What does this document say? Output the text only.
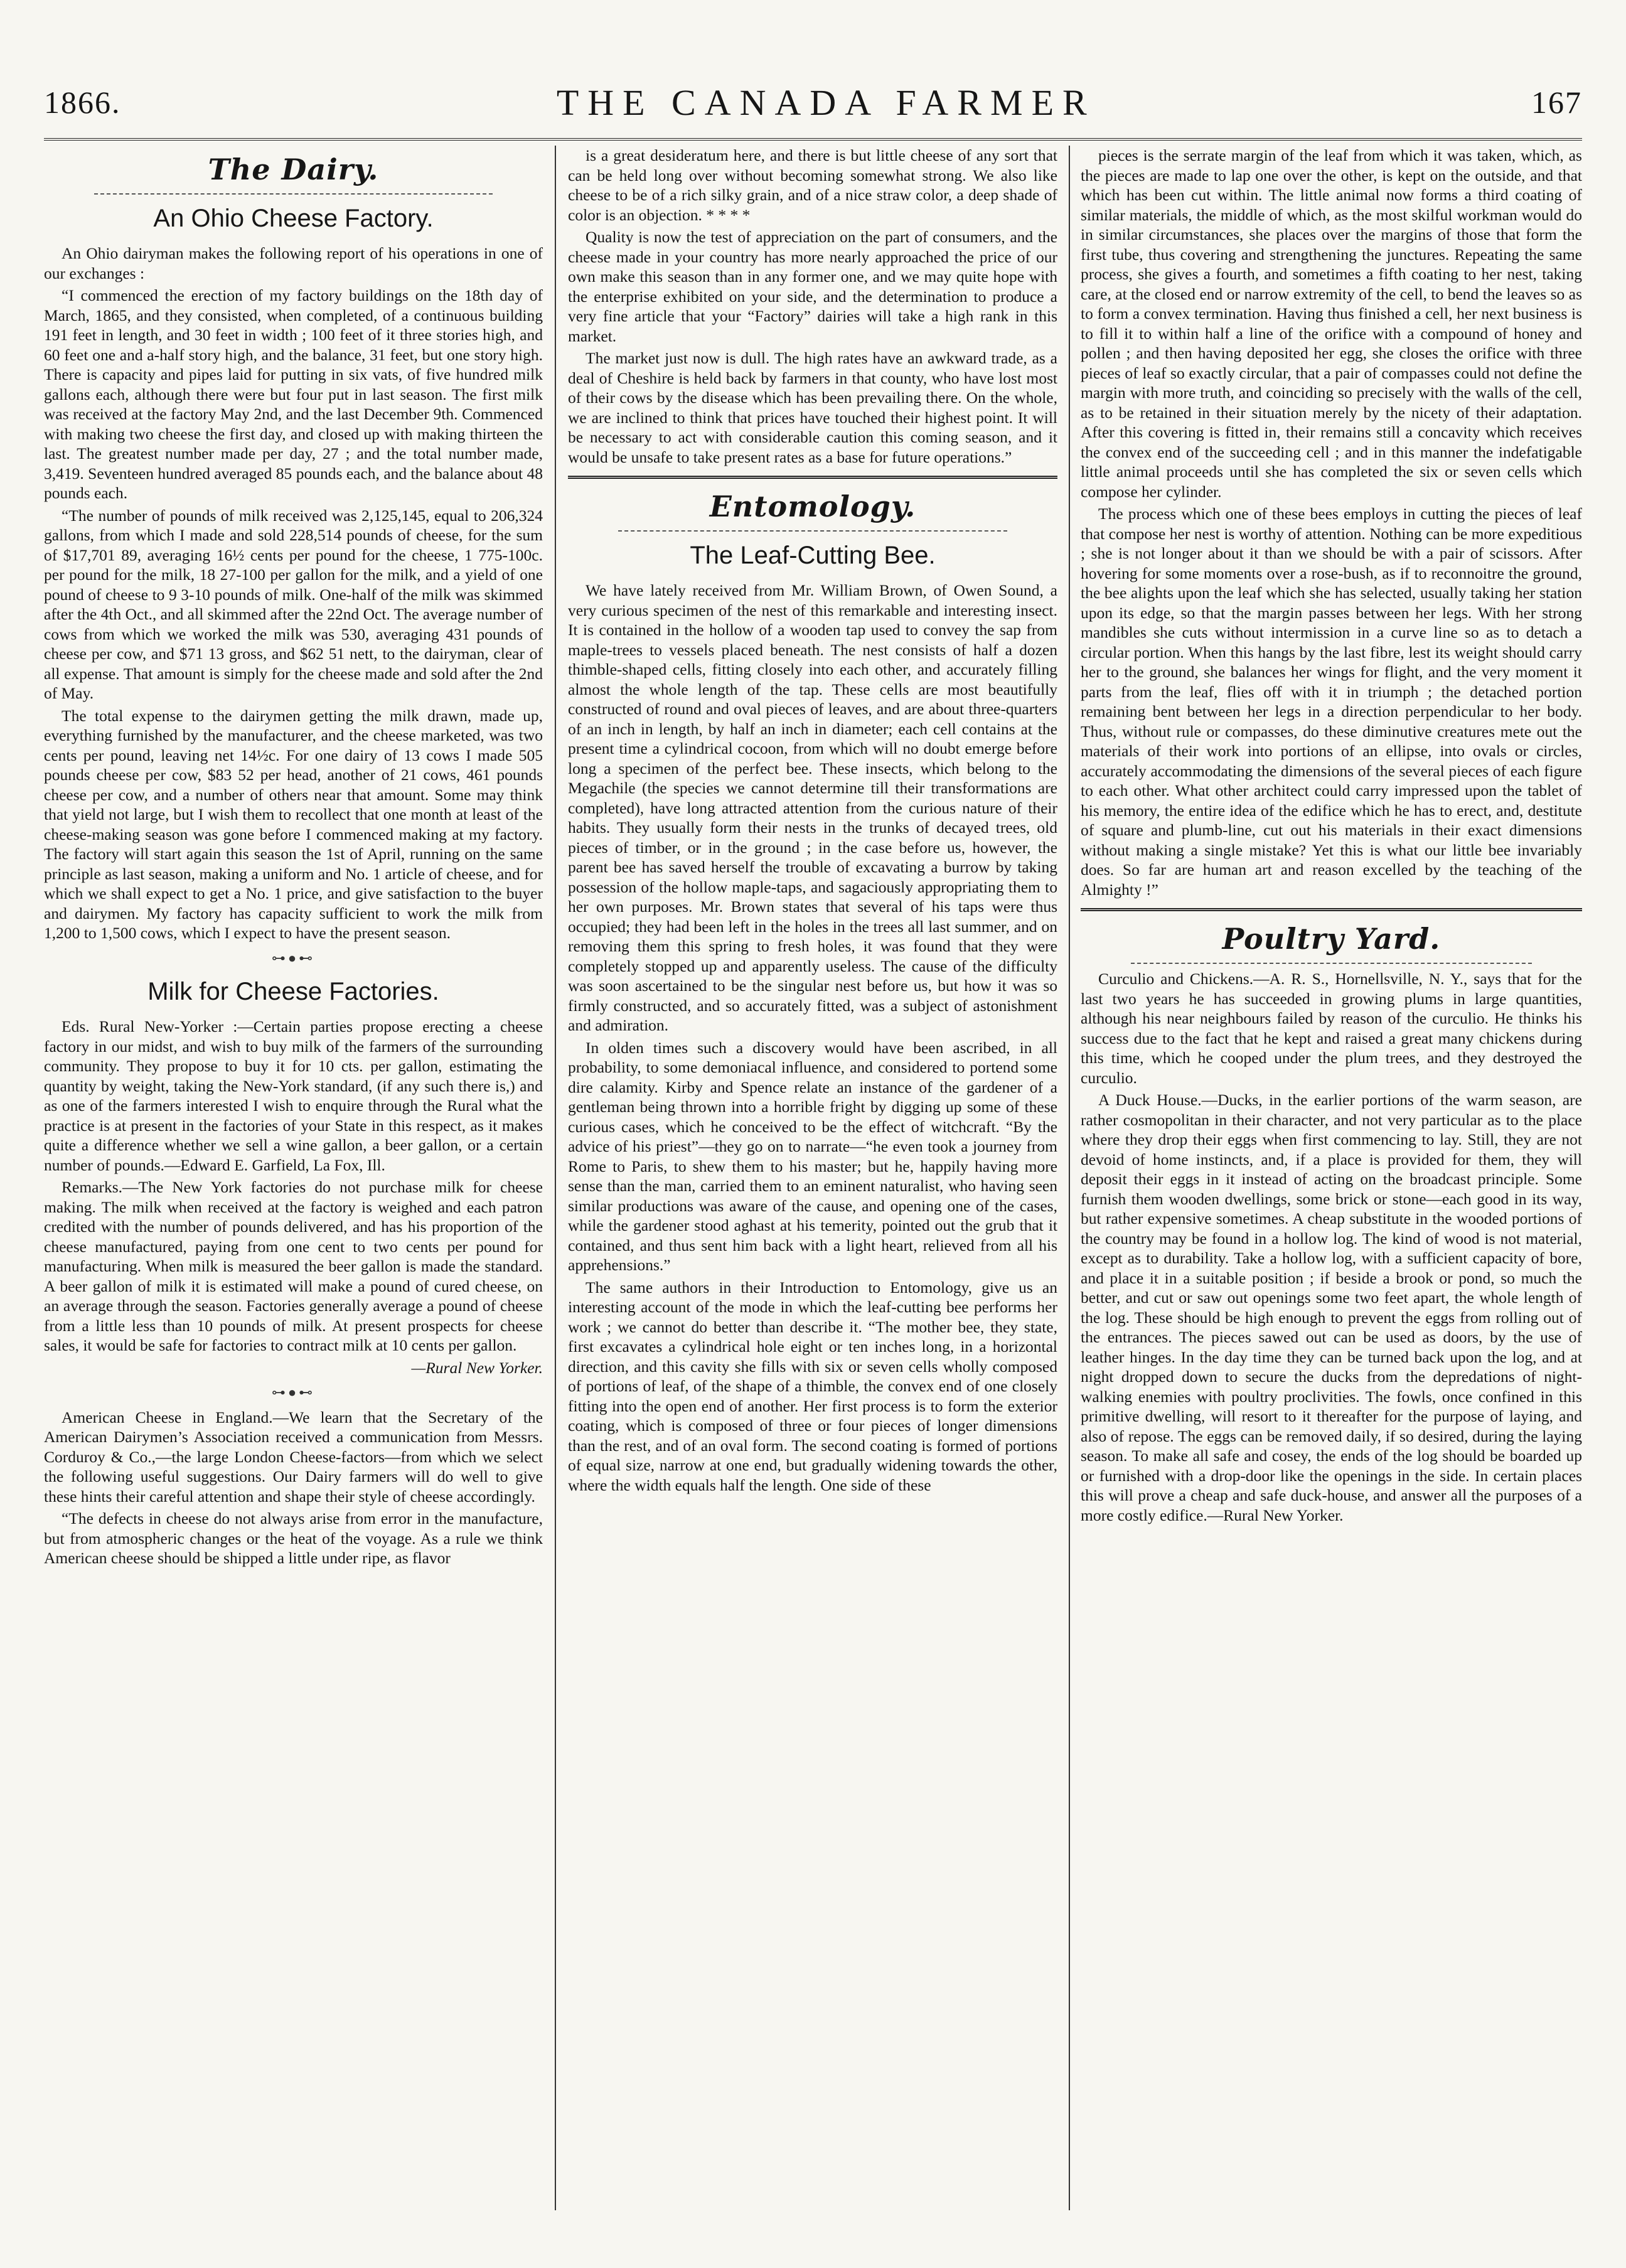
1866.	THE CANADA FARMER	167
The Dairy.
An Ohio Cheese Factory.

An Ohio dairyman makes the following report of his operations in one of our exchanges :

“I commenced the erection of my factory buildings on the 18th day of March, 1865, and they consisted, when completed, of a continuous building 191 feet in length, and 30 feet in width ; 100 feet of it three stories high, and 60 feet one and a-half story high, and the balance, 31 feet, but one story high. There is capacity and pipes laid for putting in six vats, of five hundred milk gallons each, although there were but four put in last season. The first milk was received at the factory May 2nd, and the last December 9th. Commenced with making two cheese the first day, and closed up with making thirteen the last. The greatest number made per day, 27 ; and the total number made, 3,419. Seventeen hundred averaged 85 pounds each, and the balance about 48 pounds each.

“The number of pounds of milk received was 2,125,145, equal to 206,324 gallons, from which I made and sold 228,514 pounds of cheese, for the sum of $17,701 89, averaging 16½ cents per pound for the cheese, 1 775-100c. per pound for the milk, 18 27-100 per gallon for the milk, and a yield of one pound of cheese to 9 3-10 pounds of milk. One-half of the milk was skimmed after the 4th Oct., and all skimmed after the 22nd Oct. The average number of cows from which we worked the milk was 530, averaging 431 pounds of cheese per cow, and $71 13 gross, and $62 51 nett, to the dairyman, clear of all expense. That amount is simply for the cheese made and sold after the 2nd of May.

The total expense to the dairymen getting the milk drawn, made up, everything furnished by the manufacturer, and the cheese marketed, was two cents per pound, leaving net 14½c. For one dairy of 13 cows I made 505 pounds cheese per cow, $83 52 per head, another of 21 cows, 461 pounds cheese per cow, and a number of others near that amount. Some may think that yield not large, but I wish them to recollect that one month at least of the cheese-making season was gone before I commenced making at my factory. The factory will start again this season the 1st of April, running on the same principle as last season, making a uniform and No. 1 article of cheese, and for which we shall expect to get a No. 1 price, and give satisfaction to the buyer and dairymen. My factory has capacity sufficient to work the milk from 1,200 to 1,500 cows, which I expect to have the present season.

⊶●⊷
Milk for Cheese Factories.

Eds. Rural New-Yorker :—Certain parties propose erecting a cheese factory in our midst, and wish to buy milk of the farmers of the surrounding community. They propose to buy it for 10 cts. per gallon, estimating the quantity by weight, taking the New-York standard, (if any such there is,) and as one of the farmers interested I wish to enquire through the Rural what the practice is at present in the factories of your State in this respect, as it makes quite a difference whether we sell a wine gallon, a beer gallon, or a certain number of pounds.—Edward E. Garfield, La Fox, Ill.

Remarks.—The New York factories do not purchase milk for cheese making. The milk when received at the factory is weighed and each patron credited with the number of pounds delivered, and has his proportion of the cheese manufactured, paying from one cent to two cents per pound for manufacturing. When milk is measured the beer gallon is made the standard. A beer gallon of milk it is estimated will make a pound of cured cheese, on an average through the season. Factories generally average a pound of cheese from a little less than 10 pounds of milk. At present prospects for cheese sales, it would be safe for factories to contract milk at 10 cents per gallon.

—Rural New Yorker.

⊶●⊷

American Cheese in England.—We learn that the Secretary of the American Dairymen’s Association received a communication from Messrs. Corduroy & Co.,—the large London Cheese-factors—from which we select the following useful suggestions. Our Dairy farmers will do well to give these hints their careful attention and shape their style of cheese accordingly.

“The defects in cheese do not always arise from error in the manufacture, but from atmospheric changes or the heat of the voyage. As a rule we think American cheese should be shipped a little under ripe, as flavor

is a great desideratum here, and there is but little cheese of any sort that can be held long over without becoming somewhat strong. We also like cheese to be of a rich silky grain, and of a nice straw color, a deep shade of color is an objection. * * * *

Quality is now the test of appreciation on the part of consumers, and the cheese made in your country has more nearly approached the price of our own make this season than in any former one, and we may quite hope with the enterprise exhibited on your side, and the determination to produce a very fine article that your “Factory” dairies will take a high rank in this market.

The market just now is dull. The high rates have an awkward trade, as a deal of Cheshire is held back by farmers in that county, who have lost most of their cows by the disease which has been prevailing there. On the whole, we are inclined to think that prices have touched their highest point. It will be necessary to act with considerable caution this coming season, and it would be unsafe to take present rates as a base for future operations.”

Entomology.
The Leaf-Cutting Bee.

We have lately received from Mr. William Brown, of Owen Sound, a very curious specimen of the nest of this remarkable and interesting insect. It is contained in the hollow of a wooden tap used to convey the sap from maple-trees to vessels placed beneath. The nest consists of half a dozen thimble-shaped cells, fitting closely into each other, and accurately filling almost the whole length of the tap. These cells are most beautifully constructed of round and oval pieces of leaves, and are about three-quarters of an inch in length, by half an inch in diameter; each cell contains at the present time a cylindrical cocoon, from which will no doubt emerge before long a specimen of the perfect bee. These insects, which belong to the Megachile (the species we cannot determine till their transformations are completed), have long attracted attention from the curious nature of their habits. They usually form their nests in the trunks of decayed trees, old pieces of timber, or in the ground ; in the case before us, however, the parent bee has saved herself the trouble of excavating a burrow by taking possession of the hollow maple-taps, and sagaciously appropriating them to her own purposes. Mr. Brown states that several of his taps were thus occupied; they had been left in the holes in the trees all last summer, and on removing them this spring to fresh holes, it was found that they were completely stopped up and apparently useless. The cause of the difficulty was soon ascertained to be the singular nest before us, but how it was so firmly constructed, and so accurately fitted, was a subject of astonishment and admiration.

In olden times such a discovery would have been ascribed, in all probability, to some demoniacal influence, and considered to portend some dire calamity. Kirby and Spence relate an instance of the gardener of a gentleman being thrown into a horrible fright by digging up some of these curious cases, which he conceived to be the effect of witchcraft. “By the advice of his priest”—they go on to narrate—“he even took a journey from Rome to Paris, to shew them to his master; but he, happily having more sense than the man, carried them to an eminent naturalist, who having seen similar productions was aware of the cause, and opening one of the cases, while the gardener stood aghast at his temerity, pointed out the grub that it contained, and thus sent him back with a light heart, relieved from all his apprehensions.”

The same authors in their Introduction to Entomology, give us an interesting account of the mode in which the leaf-cutting bee performs her work ; we cannot do better than describe it. “The mother bee, they state, first excavates a cylindrical hole eight or ten inches long, in a horizontal direction, and this cavity she fills with six or seven cells wholly composed of portions of leaf, of the shape of a thimble, the convex end of one closely fitting into the open end of another. Her first process is to form the exterior coating, which is composed of three or four pieces of longer dimensions than the rest, and of an oval form. The second coating is formed of portions of equal size, narrow at one end, but gradually widening towards the other, where the width equals half the length. One side of these

pieces is the serrate margin of the leaf from which it was taken, which, as the pieces are made to lap one over the other, is kept on the outside, and that which has been cut within. The little animal now forms a third coating of similar materials, the middle of which, as the most skilful workman would do in similar circumstances, she places over the margins of those that form the first tube, thus covering and strengthening the junctures. Repeating the same process, she gives a fourth, and sometimes a fifth coating to her nest, taking care, at the closed end or narrow extremity of the cell, to bend the leaves so as to form a convex termination. Having thus finished a cell, her next business is to fill it to within half a line of the orifice with a compound of honey and pollen ; and then having deposited her egg, she closes the orifice with three pieces of leaf so exactly circular, that a pair of compasses could not define the margin with more truth, and coinciding so precisely with the walls of the cell, as to be retained in their situation merely by the nicety of their adaptation. After this covering is fitted in, their remains still a concavity which receives the convex end of the succeeding cell ; and in this manner the indefatigable little animal proceeds until she has completed the six or seven cells which compose her cylinder.

The process which one of these bees employs in cutting the pieces of leaf that compose her nest is worthy of attention. Nothing can be more expeditious ; she is not longer about it than we should be with a pair of scissors. After hovering for some moments over a rose-bush, as if to reconnoitre the ground, the bee alights upon the leaf which she has selected, usually taking her station upon its edge, so that the margin passes between her legs. With her strong mandibles she cuts without intermission in a curve line so as to detach a circular portion. When this hangs by the last fibre, lest its weight should carry her to the ground, she balances her wings for flight, and the very moment it parts from the leaf, flies off with it in triumph ; the detached portion remaining bent between her legs in a direction perpendicular to her body. Thus, without rule or compasses, do these diminutive creatures mete out the materials of their work into portions of an ellipse, into ovals or circles, accurately accommodating the dimensions of the several pieces of each figure to each other. What other architect could carry impressed upon the tablet of his memory, the entire idea of the edifice which he has to erect, and, destitute of square and plumb-line, cut out his materials in their exact dimensions without making a single mistake? Yet this is what our little bee invariably does. So far are human art and reason excelled by the teaching of the Almighty !”

Poultry Yard.

Curculio and Chickens.—A. R. S., Hornellsville, N. Y., says that for the last two years he has succeeded in growing plums in large quantities, although his near neighbours failed by reason of the curculio. He thinks his success due to the fact that he kept and raised a great many chickens during this time, which he cooped under the plum trees, and they destroyed the curculio.

A Duck House.—Ducks, in the earlier portions of the warm season, are rather cosmopolitan in their character, and not very particular as to the place where they drop their eggs when first commencing to lay. Still, they are not devoid of home instincts, and, if a place is provided for them, they will deposit their eggs in it instead of acting on the broadcast principle. Some furnish them wooden dwellings, some brick or stone—each good in its way, but rather expensive sometimes. A cheap substitute in the wooded portions of the country may be found in a hollow log. The kind of wood is not material, except as to durability. Take a hollow log, with a sufficient capacity of bore, and place it in a suitable position ; if beside a brook or pond, so much the better, and cut or saw out openings some two feet apart, the whole length of the log. These should be high enough to prevent the eggs from rolling out of the entrances. The pieces sawed out can be used as doors, by the use of leather hinges. In the day time they can be turned back upon the log, and at night dropped down to secure the ducks from the depredations of night-walking enemies with poultry proclivities. The fowls, once confined in this primitive dwelling, will resort to it thereafter for the purpose of laying, and also of repose. The eggs can be removed daily, if so desired, during the laying season. To make all safe and cosey, the ends of the log should be boarded up or furnished with a drop-door like the openings in the side. In certain places this will prove a cheap and safe duck-house, and answer all the purposes of a more costly edifice.—Rural New Yorker.
